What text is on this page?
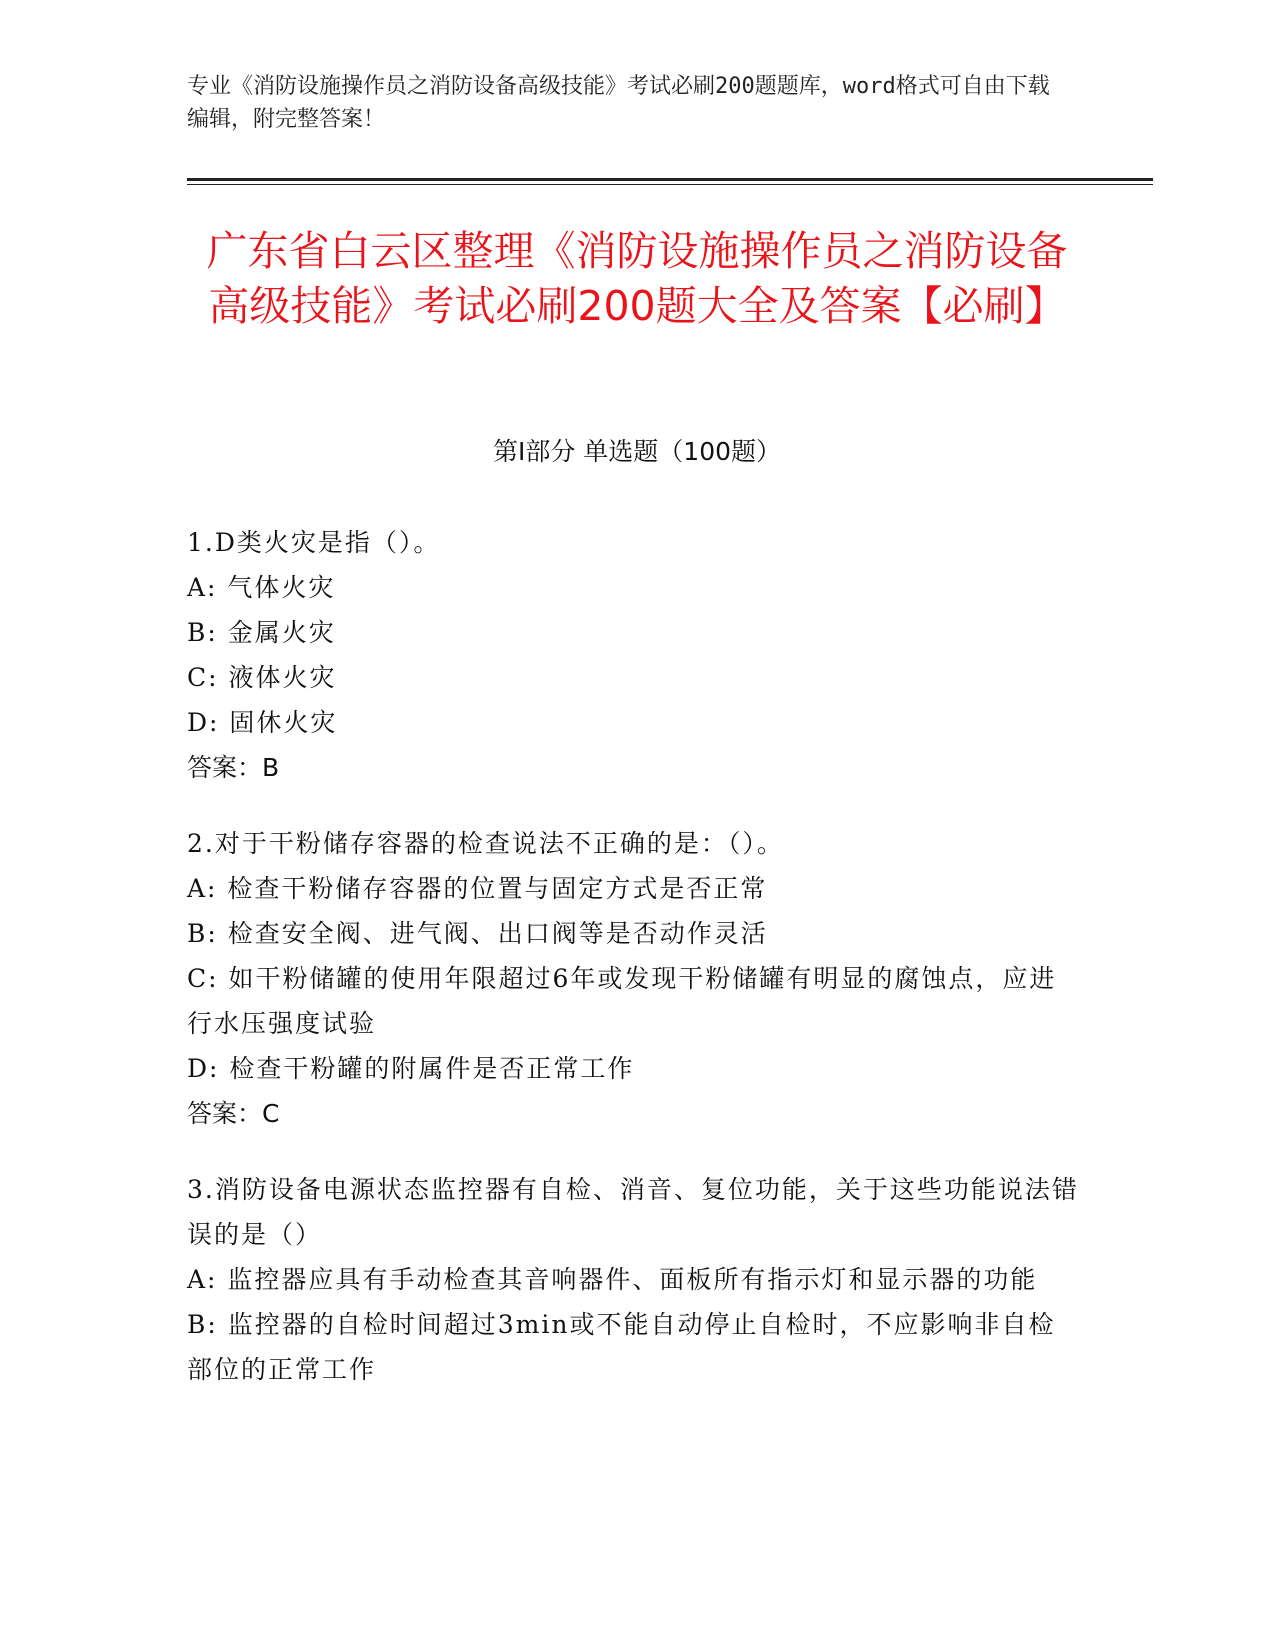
专业《消防设施操作员之消防设备高级技能》考试必刷200题题库，word格式可自由下载编辑，附完整答案！
广东省白云区整理《消防设施操作员之消防设备高级技能》考试必刷200题大全及答案【必刷】
第I部分 单选题（100题）
1.D类火灾是指（）。
A: 气体火灾
B: 金属火灾
C: 液体火灾
D: 固休火灾
答案：B
2.对于干粉储存容器的检查说法不正确的是：（）。
A: 检查干粉储存容器的位置与固定方式是否正常
B: 检查安全阀、进气阀、出口阀等是否动作灵活
C: 如干粉储罐的使用年限超过6年或发现干粉储罐有明显的腐蚀点，应进行水压强度试验
D: 检查干粉罐的附属件是否正常工作
答案：C
3.消防设备电源状态监控器有自检、消音、复位功能，关于这些功能说法错误的是（）
A: 监控器应具有手动检查其音响器件、面板所有指示灯和显示器的功能
B: 监控器的自检时间超过3min或不能自动停止自检时，不应影响非自检部位的正常工作
